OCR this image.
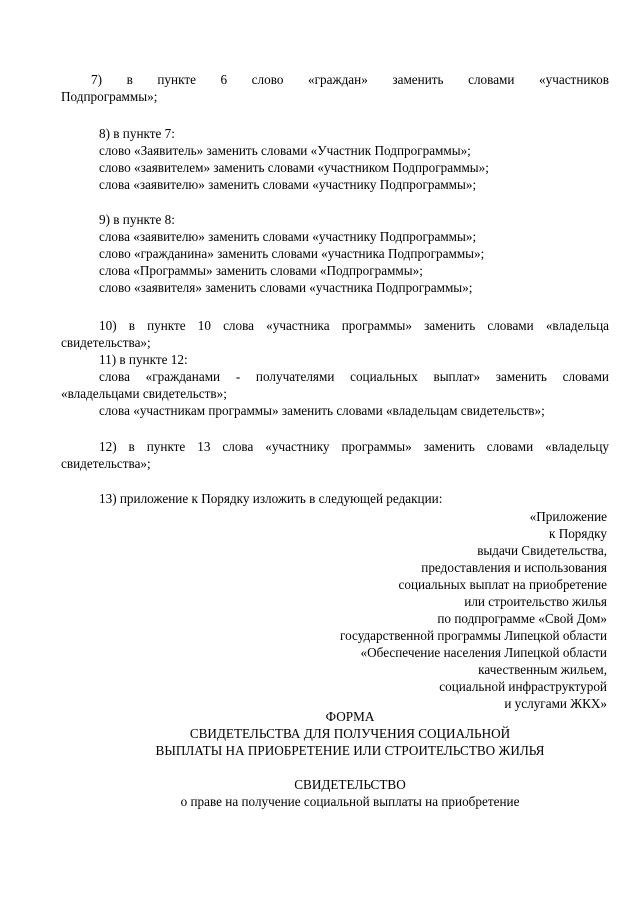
7) в пункте 6 слово «граждан» заменить словами «участников
Подпрограммы»;
8) в пункте 7:
слово «Заявитель» заменить словами «Участник Подпрограммы»;
слово «заявителем» заменить словами «участником Подпрограммы»;
слова «заявителю» заменить словами «участнику Подпрограммы»;
9) в пункте 8:
слова «заявителю» заменить словами «участнику Подпрограммы»;
слово «гражданина» заменить словами «участника Подпрограммы»;
слова «Программы» заменить словами «Подпрограммы»;
слово «заявителя» заменить словами «участника Подпрограммы»;
10) в пункте 10 слова «участника программы» заменить словами «владельца
свидетельства»;
11) в пункте 12:
слова «гражданами - получателями социальных выплат» заменить словами
«владельцами свидетельств»;
слова «участникам программы» заменить словами «владельцам свидетельств»;
12) в пункте 13 слова «участнику программы» заменить словами «владельцу
свидетельства»;
13) приложение к Порядку изложить в следующей редакции:
«Приложение
к Порядку
выдачи Свидетельства,
предоставления и использования
социальных выплат на приобретение
или строительство жилья
по подпрограмме «Свой Дом»
государственной программы Липецкой области
«Обеспечение населения Липецкой области
качественным жильем,
социальной инфраструктурой
и услугами ЖКХ»
ФОРМА
СВИДЕТЕЛЬСТВА ДЛЯ ПОЛУЧЕНИЯ СОЦИАЛЬНОЙ
ВЫПЛАТЫ НА ПРИОБРЕТЕНИЕ ИЛИ СТРОИТЕЛЬСТВО ЖИЛЬЯ
СВИДЕТЕЛЬСТВО
о праве на получение социальной выплаты на приобретение
